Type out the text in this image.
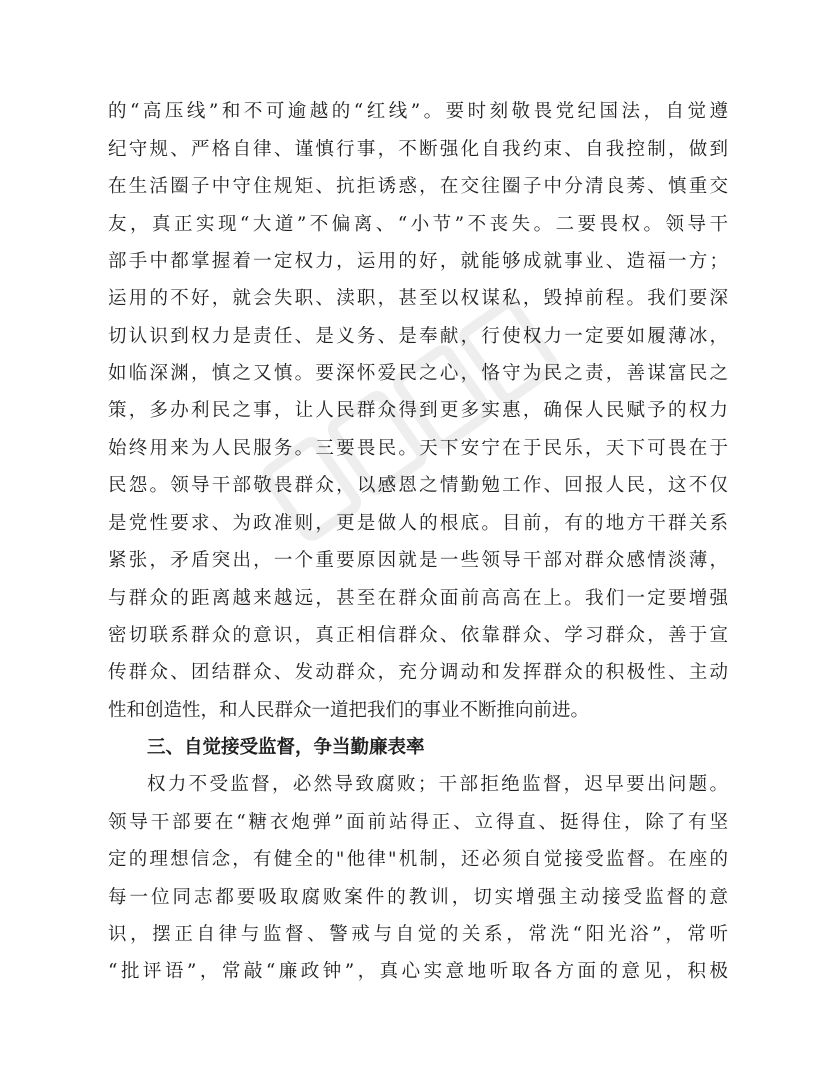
的“高压线”和不可逾越的“红线”。要时刻敬畏党纪国法，自觉遵
纪守规、严格自律、谨慎行事，不断强化自我约束、自我控制，做到
在生活圈子中守住规矩、抗拒诱惑，在交往圈子中分清良莠、慎重交
友，真正实现“大道”不偏离、“小节”不丧失。二要畏权。领导干
部手中都掌握着一定权力，运用的好，就能够成就事业、造福一方；
运用的不好，就会失职、渎职，甚至以权谋私，毁掉前程。我们要深
切认识到权力是责任、是义务、是奉献，行使权力一定要如履薄冰，
如临深渊，慎之又慎。要深怀爱民之心，恪守为民之责，善谋富民之
策，多办利民之事，让人民群众得到更多实惠，确保人民赋予的权力
始终用来为人民服务。三要畏民。天下安宁在于民乐，天下可畏在于
民怨。领导干部敬畏群众，以感恩之情勤勉工作、回报人民，这不仅
是党性要求、为政准则，更是做人的根底。目前，有的地方干群关系
紧张，矛盾突出，一个重要原因就是一些领导干部对群众感情淡薄，
与群众的距离越来越远，甚至在群众面前高高在上。我们一定要增强
密切联系群众的意识，真正相信群众、依靠群众、学习群众，善于宣
传群众、团结群众、发动群众，充分调动和发挥群众的积极性、主动
性和创造性，和人民群众一道把我们的事业不断推向前进。
三、自觉接受监督，争当勤廉表率
权力不受监督，必然导致腐败；干部拒绝监督，迟早要出问题。
领导干部要在“糖衣炮弹”面前站得正、立得直、挺得住，除了有坚
定的理想信念，有健全的"他律"机制，还必须自觉接受监督。在座的
每一位同志都要吸取腐败案件的教训，切实增强主动接受监督的意
识，摆正自律与监督、警戒与自觉的关系，常洗“阳光浴”，常听
“批评语”，常敲“廉政钟”，真心实意地听取各方面的意见，积极
